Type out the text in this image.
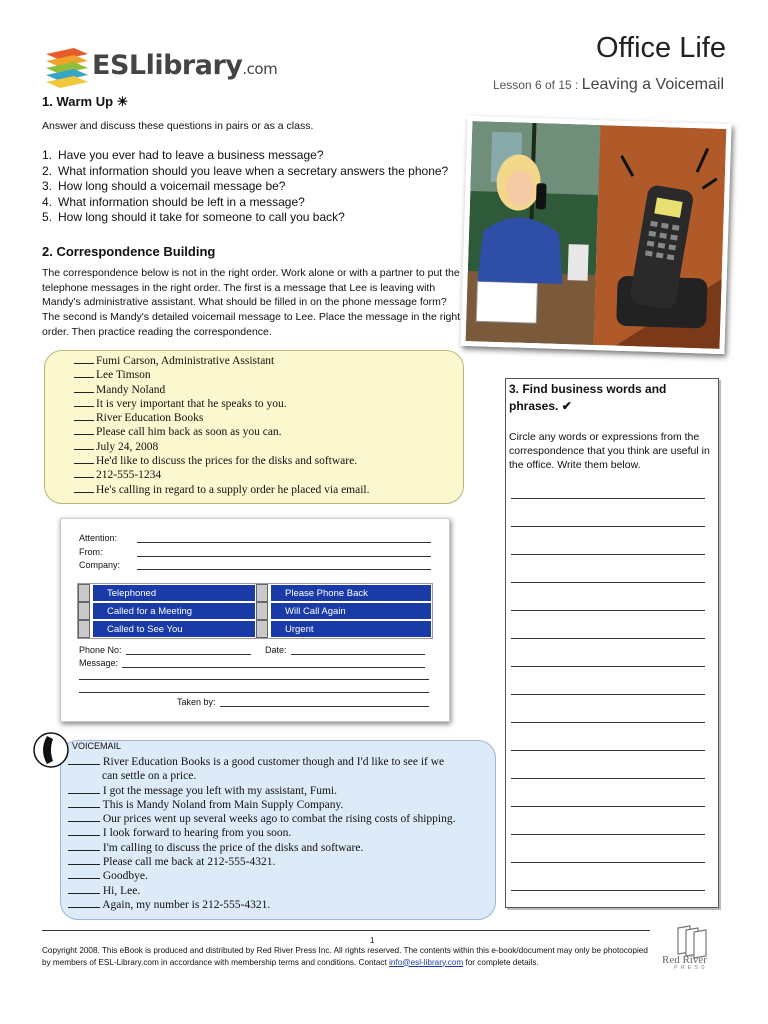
ESLlibrary.com
Office Life
Lesson 6 of 15 : Leaving a Voicemail
1. Warm Up ☀
Answer and discuss these questions in pairs or as a class.
1. Have you ever had to leave a business message?
2. What information should you leave when a secretary answers the phone?
3. How long should a voicemail message be?
4. What information should be left in a message?
5. How long should it take for someone to call you back?
2. Correspondence Building
The correspondence below is not in the right order. Work alone or with a partner to put the telephone messages in the right order. The first is a message that Lee is leaving with Mandy's administrative assistant. What should be filled in on the phone message form? The second is Mandy's detailed voicemail message to Lee. Place the message in the right order. Then practice reading the correspondence.
Fumi Carson, Administrative Assistant
Lee Timson
Mandy Noland
It is very important that he speaks to you.
River Education Books
Please call him back as soon as you can.
July 24, 2008
He'd like to discuss the prices for the disks and software.
212-555-1234
He's calling in regard to a supply order he placed via email.
Attention:
From:
Company:
Telephoned	Please Phone Back
Called for a Meeting	Will Call Again
Called to See You	Urgent
Phone No:	Date:
Message:
Taken by:
VOICEMAIL
River Education Books is a good customer though and I'd like to see if we
can settle on a price.
I got the message you left with my assistant, Fumi.
This is Mandy Noland from Main Supply Company.
Our prices went up several weeks ago to combat the rising costs of shipping.
I look forward to hearing from you soon.
I'm calling to discuss the price of the disks and software.
Please call me back at 212-555-4321.
Goodbye.
Hi, Lee.
Again, my number is 212-555-4321.
3. Find business words and phrases. ✔
Circle any words or expressions from the correspondence that you think are useful in the office. Write them below.
1
Copyright 2008. This eBook is produced and distributed by Red River Press Inc. All rights reserved. The contents within this e-book/document may only be photocopied by members of ESL-Library.com in accordance with membership terms and conditions. Contact info@esl-library.com for complete details.	Red River
PRESS
